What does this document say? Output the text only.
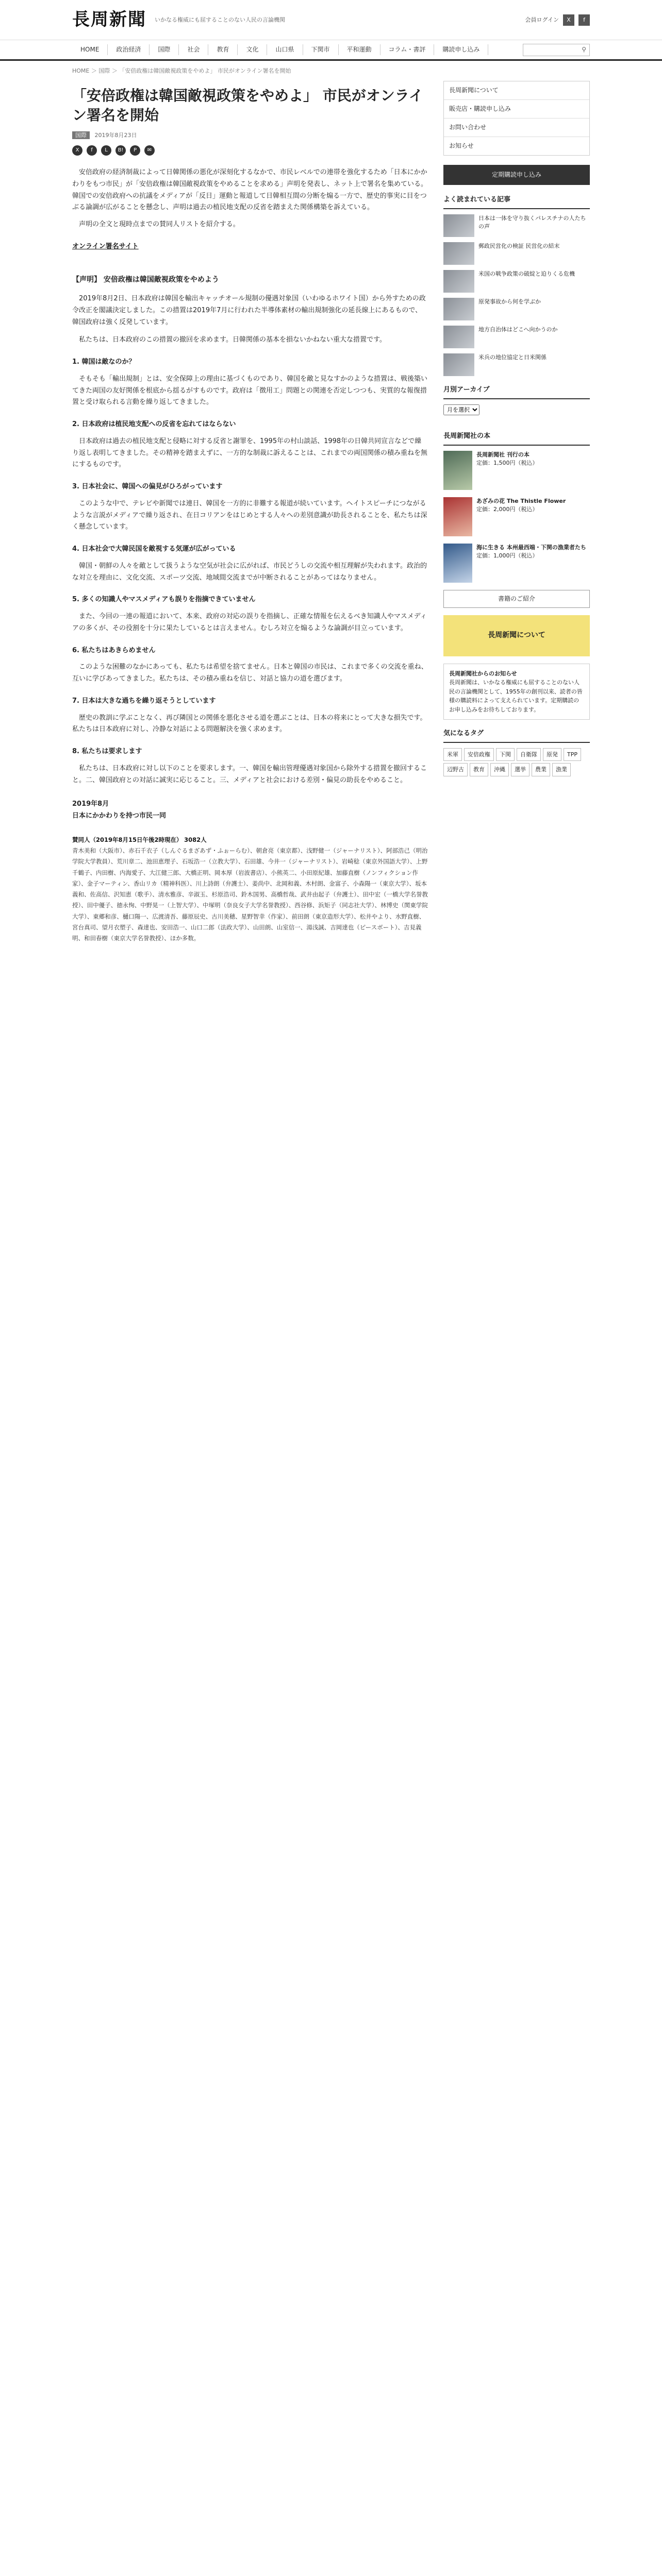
長周新聞 いかなる権威にも屈することのない人民の言論機関	会員ログイン	X	f
HOME	政治経済	国際	社会	教育	文化	山口県	下関市	平和運動	コラム・書評	購読申し込み	⚲
HOME ＞ 国際 ＞ 「安倍政権は韓国敵視政策をやめよ」 市民がオンライン署名を開始
「安倍政権は韓国敵視政策をやめよ」 市民がオンライン署名を開始
国際 2019年8月23日
X	f	L	B!	P	✉

安倍政府の経済制裁によって日韓関係の悪化が深刻化するなかで、市民レベルでの連帯を強化するため「日本にかかわりをもつ市民」が「安倍政権は韓国敵視政策をやめることを求める」声明を発表し、ネット上で署名を集めている。韓国での安倍政府への抗議をメディアが「反日」運動と報道して日韓相互間の分断を煽る一方で、歴史的事実に目をつぶる論調が広がることを懸念し、声明は過去の植民地支配の反省を踏まえた関係構築を訴えている。

声明の全文と現時点までの賛同人リストを紹介する。

オンライン署名サイト
【声明】 安倍政権は韓国敵視政策をやめよう

2019年8月2日、日本政府は韓国を輸出キャッチオール規制の優遇対象国（いわゆるホワイト国）から外すための政令改正を閣議決定しました。この措置は2019年7月に行われた半導体素材の輸出規制強化の延長線上にあるもので、韓国政府は強く反発しています。

私たちは、日本政府のこの措置の撤回を求めます。日韓関係の基本を損ないかねない重大な措置です。

1. 韓国は敵なのか？

そもそも「輸出規制」とは、安全保障上の理由に基づくものであり、韓国を敵と見なすかのような措置は、戦後築いてきた両国の友好関係を根底から揺るがすものです。政府は「徴用工」問題との関連を否定しつつも、実質的な報復措置と受け取られる言動を繰り返してきました。

2. 日本政府は植民地支配への反省を忘れてはならない

日本政府は過去の植民地支配と侵略に対する反省と謝罪を、1995年の村山談話、1998年の日韓共同宣言などで繰り返し表明してきました。その精神を踏まえずに、一方的な制裁に訴えることは、これまでの両国関係の積み重ねを無にするものです。

3. 日本社会に、韓国への偏見がひろがっています

このような中で、テレビや新聞では連日、韓国を一方的に非難する報道が続いています。ヘイトスピーチにつながるような言説がメディアで繰り返され、在日コリアンをはじめとする人々への差別意識が助長されることを、私たちは深く懸念しています。

4. 日本社会で大韓民国を敵視する気運が広がっている

韓国・朝鮮の人々を敵として扱うような空気が社会に広がれば、市民どうしの交流や相互理解が失われます。政治的な対立を理由に、文化交流、スポーツ交流、地域間交流までが中断されることがあってはなりません。

5. 多くの知識人やマスメディアも誤りを指摘できていません

また、今回の一連の報道において、本来、政府の対応の誤りを指摘し、正確な情報を伝えるべき知識人やマスメディアの多くが、その役割を十分に果たしているとは言えません。むしろ対立を煽るような論調が目立っています。

6. 私たちはあきらめません

このような困難のなかにあっても、私たちは希望を捨てません。日本と韓国の市民は、これまで多くの交流を重ね、互いに学びあってきました。私たちは、その積み重ねを信じ、対話と協力の道を選びます。

7. 日本は大きな過ちを繰り返そうとしています

歴史の教訓に学ぶことなく、再び隣国との関係を悪化させる道を選ぶことは、日本の将来にとって大きな損失です。私たちは日本政府に対し、冷静な対話による問題解決を強く求めます。

8. 私たちは要求します

私たちは、日本政府に対し以下のことを要求します。一、韓国を輸出管理優遇対象国から除外する措置を撤回すること。二、韓国政府との対話に誠実に応じること。三、メディアと社会における差別・偏見の助長をやめること。

2019年8月

日本にかかわりを持つ市民一同

賛同人（2019年8月15日午後2時現在） 3082人

青木美和（大阪市）、赤石千衣子（しんぐるまざあず・ふぉーらむ）、朝倉亮（東京都）、浅野健一（ジャーナリスト）、阿部浩己（明治学院大学教員）、荒川章二、池田恵理子、石坂浩一（立教大学）、石田雄、今井一（ジャーナリスト）、岩崎稔（東京外国語大学）、上野千鶴子、内田樹、内海愛子、大江健三郎、大橋正明、岡本厚（岩波書店）、小熊英二、小田原紀雄、加藤直樹（ノンフィクション作家）、金子マーティン、香山リカ（精神科医）、川上詩朗（弁護士）、姜尚中、北岡和義、木村朗、金富子、小森陽一（東京大学）、坂本義和、佐高信、沢知恵（歌手）、清水雅彦、辛淑玉、杉原浩司、鈴木国男、高橋哲哉、武井由起子（弁護士）、田中宏（一橋大学名誉教授）、田中優子、徳永恂、中野晃一（上智大学）、中塚明（奈良女子大学名誉教授）、西谷修、浜矩子（同志社大学）、林博史（関東学院大学）、東郷和彦、樋口陽一、広渡清吾、藤原辰史、古川美穂、星野智幸（作家）、前田朗（東京造形大学）、松井やより、水野直樹、宮台真司、望月衣塑子、森達也、安田浩一、山口二郎（法政大学）、山田朗、山室信一、湯浅誠、吉岡達也（ピースボート）、吉見義明、和田春樹（東京大学名誉教授）、ほか多数。

長周新聞について
販売店・購読申し込み
お問い合わせ
お知らせ
定期購読申し込み
よく読まれている記事
日本は一体を守り抜くパレスチナの人たちの声
郵政民営化の検証 民営化の結末
米国の戦争政策の破綻と迫りくる危機
原発事故から何を学ぶか
地方自治体はどこへ向かうのか
米兵の地位協定と日米関係
月別アーカイブ
月を選択
長周新聞社の本
長周新聞社 刊行の本
定価：1,500円（税込）
あざみの花 The Thistle Flower
定価：2,000円（税込）
海に生きる 本州最西端・下関の漁業者たち
定価：1,000円（税込）
書籍のご紹介
長周新聞について
長周新聞社からのお知らせ

長周新聞は、いかなる権威にも屈することのない人民の言論機関として、1955年の創刊以来、読者の皆様の購読料によって支えられています。定期購読のお申し込みをお待ちしております。

気になるタグ
米軍	安倍政権	下関	自衛隊	原発	TPP
辺野古	教育	沖縄	選挙	農業	漁業
